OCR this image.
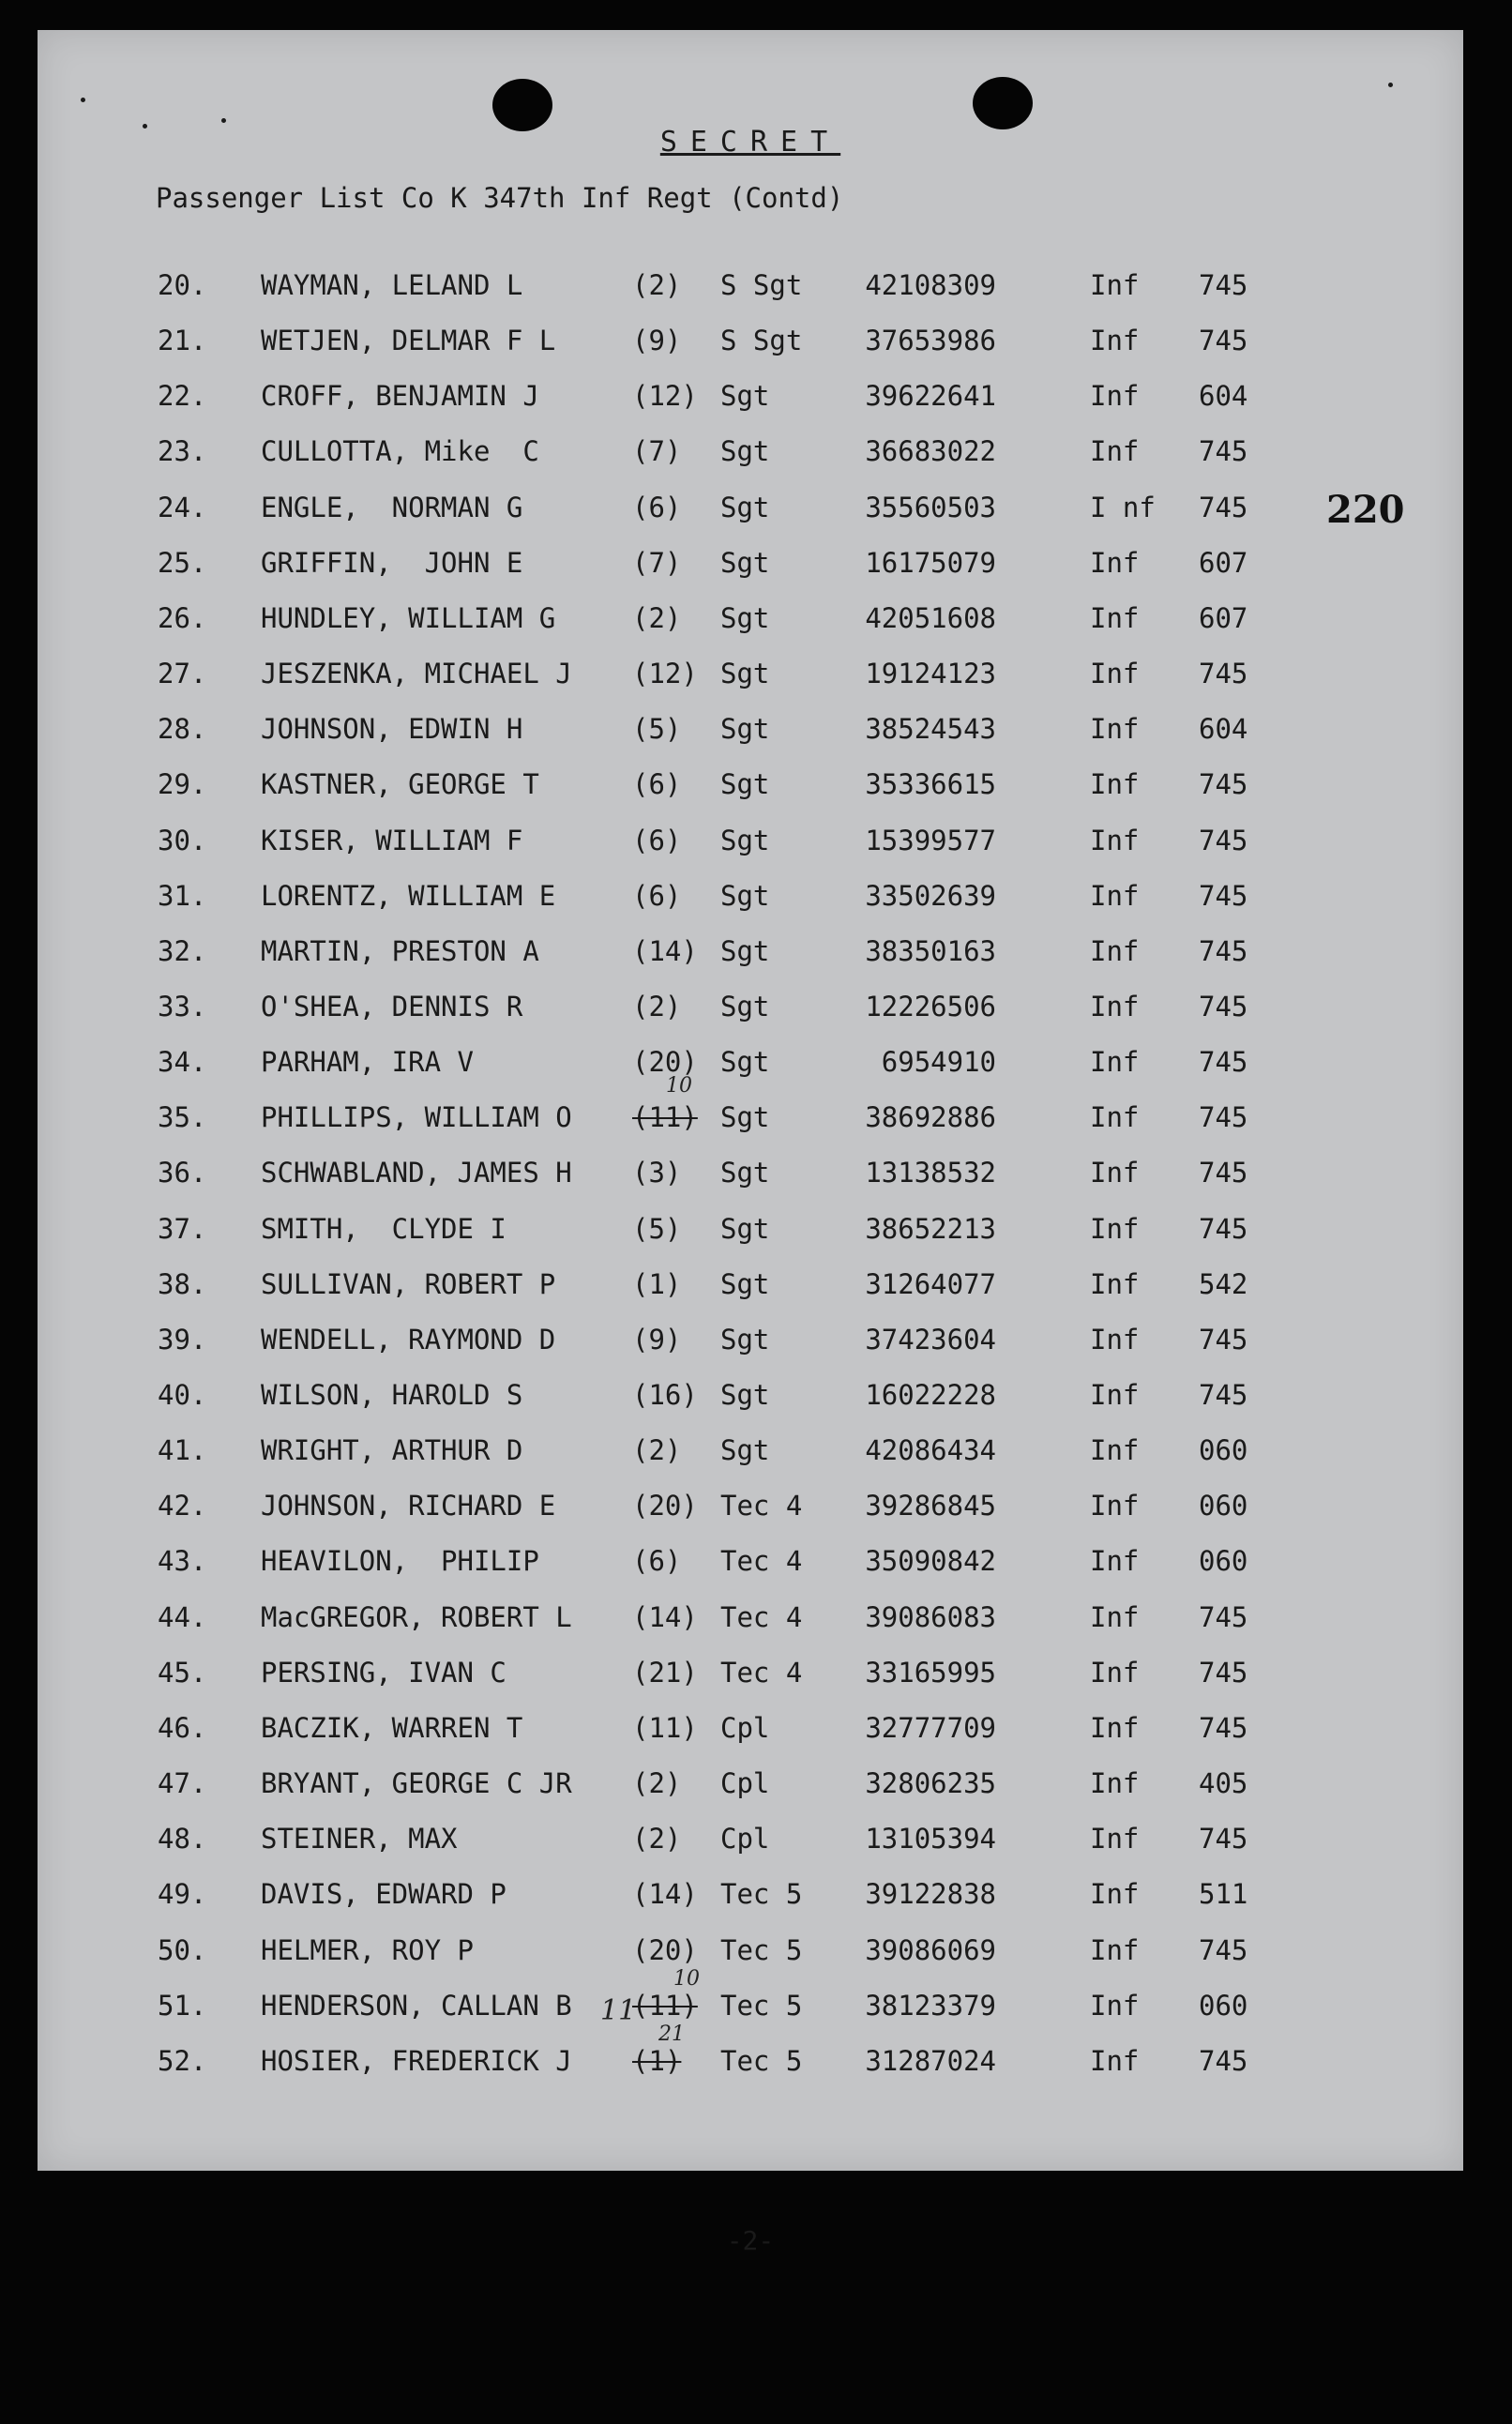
SECRET
Passenger List Co K 347th Inf Regt (Contd)
220
20. WAYMAN, LELAND L	(2) S Sgt	42108309	Inf 745
21. WETJEN, DELMAR F L	(9) S Sgt	37653986	Inf 745
22. CROFF, BENJAMIN J	(12) Sgt	39622641	Inf 604
23. CULLOTTA, Mike  C	(7) Sgt	36683022	Inf 745
24. ENGLE,  NORMAN G	(6) Sgt	35560503	I nf 745
25. GRIFFIN,  JOHN E	(7) Sgt	16175079	Inf 607
26. HUNDLEY, WILLIAM G	(2) Sgt	42051608	Inf 607
27. JESZENKA, MICHAEL J (12) Sgt	19124123	Inf 745
28. JOHNSON, EDWIN H	(5) Sgt	38524543	Inf 604
29. KASTNER, GEORGE T	(6) Sgt	35336615	Inf 745
30. KISER, WILLIAM F	(6) Sgt	15399577	Inf 745
31. LORENTZ, WILLIAM E	(6) Sgt	33502639	Inf 745
32. MARTIN, PRESTON A	(14) Sgt	38350163	Inf 745
33. O'SHEA, DENNIS R	(2) Sgt	12226506	Inf 745
34. PARHAM, IRA V	(20) Sgt	6954910	Inf 745
35. PHILLIPS, WILLIAM O (11) Sgt	38692886	Inf 745
36. SCHWABLAND, JAMES H (3) Sgt	13138532	Inf 745
37. SMITH,  CLYDE I	(5) Sgt	38652213	Inf 745
38. SULLIVAN, ROBERT P	(1) Sgt	31264077	Inf 542
39. WENDELL, RAYMOND D	(9) Sgt	37423604	Inf 745
40. WILSON, HAROLD S	(16) Sgt	16022228	Inf 745
41. WRIGHT, ARTHUR D	(2) Sgt	42086434	Inf 060
42. JOHNSON, RICHARD E	(20) Tec 4	39286845	Inf 060
43. HEAVILON,  PHILIP	(6) Tec 4	35090842	Inf 060
44. MacGREGOR, ROBERT L (14) Tec 4	39086083	Inf 745
45. PERSING, IVAN C	(21) Tec 4	33165995	Inf 745
46. BACZIK, WARREN T	(11) Cpl	32777709	Inf 745
47. BRYANT, GEORGE C JR (2) Cpl	32806235	Inf 405
48. STEINER, MAX	(2) Cpl	13105394	Inf 745
49. DAVIS, EDWARD P	(14) Tec 5	39122838	Inf 511
50. HELMER, ROY P	(20) Tec 5	39086069	Inf 745
51. HENDERSON, CALLAN B (11) Tec 5	38123379	Inf 060
52. HOSIER, FREDERICK J (1) Tec 5	31287024	Inf 745
10
10
11
21
-2-
